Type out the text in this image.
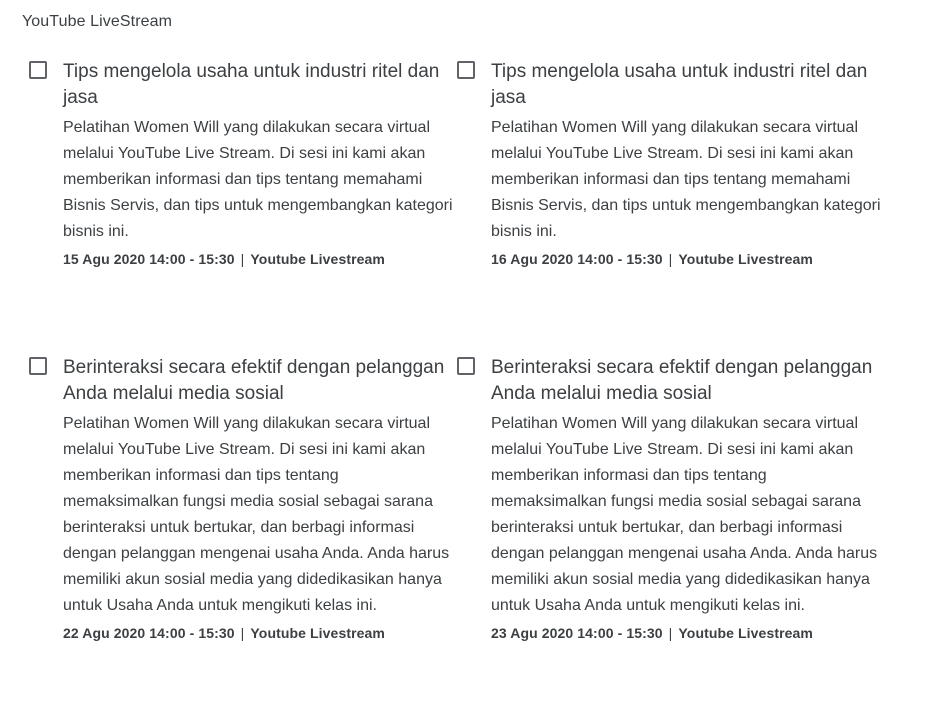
YouTube LiveStream
Tips mengelola usaha untuk industri ritel dan jasa
Pelatihan Women Will yang dilakukan secara virtual melalui YouTube Live Stream. Di sesi ini kami akan memberikan informasi dan tips tentang memahami Bisnis Servis, dan tips untuk mengembangkan kategori bisnis ini.
15 Agu 2020 14:00 - 15:30 | Youtube Livestream
Tips mengelola usaha untuk industri ritel dan jasa
Pelatihan Women Will yang dilakukan secara virtual melalui YouTube Live Stream. Di sesi ini kami akan memberikan informasi dan tips tentang memahami Bisnis Servis, dan tips untuk mengembangkan kategori bisnis ini.
16 Agu 2020 14:00 - 15:30 | Youtube Livestream
Berinteraksi secara efektif dengan pelanggan Anda melalui media sosial
Pelatihan Women Will yang dilakukan secara virtual melalui YouTube Live Stream. Di sesi ini kami akan memberikan informasi dan tips tentang memaksimalkan fungsi media sosial sebagai sarana berinteraksi untuk bertukar, dan berbagi informasi dengan pelanggan mengenai usaha Anda. Anda harus memiliki akun sosial media yang didedikasikan hanya untuk Usaha Anda untuk mengikuti kelas ini.
22 Agu 2020 14:00 - 15:30 | Youtube Livestream
Berinteraksi secara efektif dengan pelanggan Anda melalui media sosial
Pelatihan Women Will yang dilakukan secara virtual melalui YouTube Live Stream. Di sesi ini kami akan memberikan informasi dan tips tentang memaksimalkan fungsi media sosial sebagai sarana berinteraksi untuk bertukar, dan berbagi informasi dengan pelanggan mengenai usaha Anda. Anda harus memiliki akun sosial media yang didedikasikan hanya untuk Usaha Anda untuk mengikuti kelas ini.
23 Agu 2020 14:00 - 15:30 | Youtube Livestream
